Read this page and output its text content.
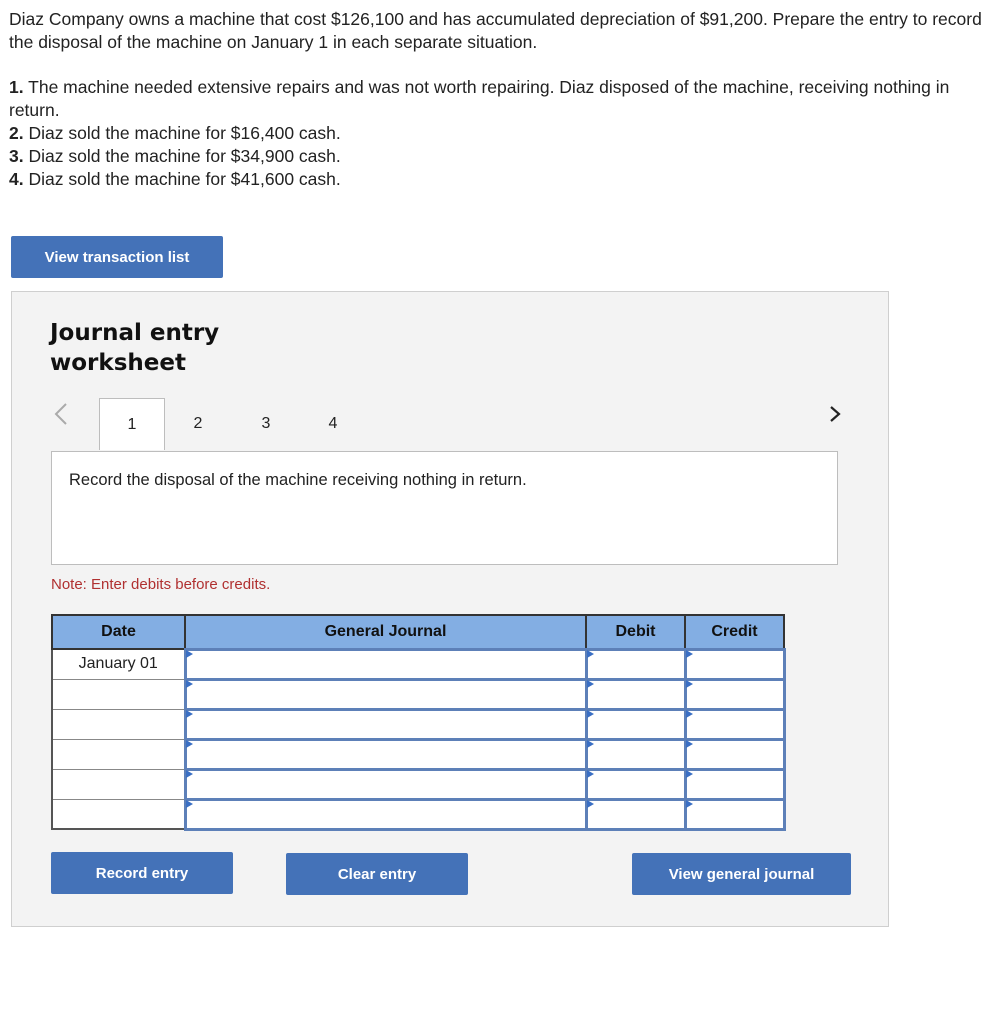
Diaz Company owns a machine that cost $126,100 and has accumulated depreciation of $91,200. Prepare the entry to record the disposal of the machine on January 1 in each separate situation.

1. The machine needed extensive repairs and was not worth repairing. Diaz disposed of the machine, receiving nothing in return.

2. Diaz sold the machine for $16,400 cash.

3. Diaz sold the machine for $34,900 cash.

4. Diaz sold the machine for $41,600 cash.

View transaction list
Journal entry worksheet
1	2	3	4
Record the disposal of the machine receiving nothing in return.
Note: Enter debits before credits.
Date	General Journal	Debit	Credit
January 01			

Record entry	Clear entry	View general journal
